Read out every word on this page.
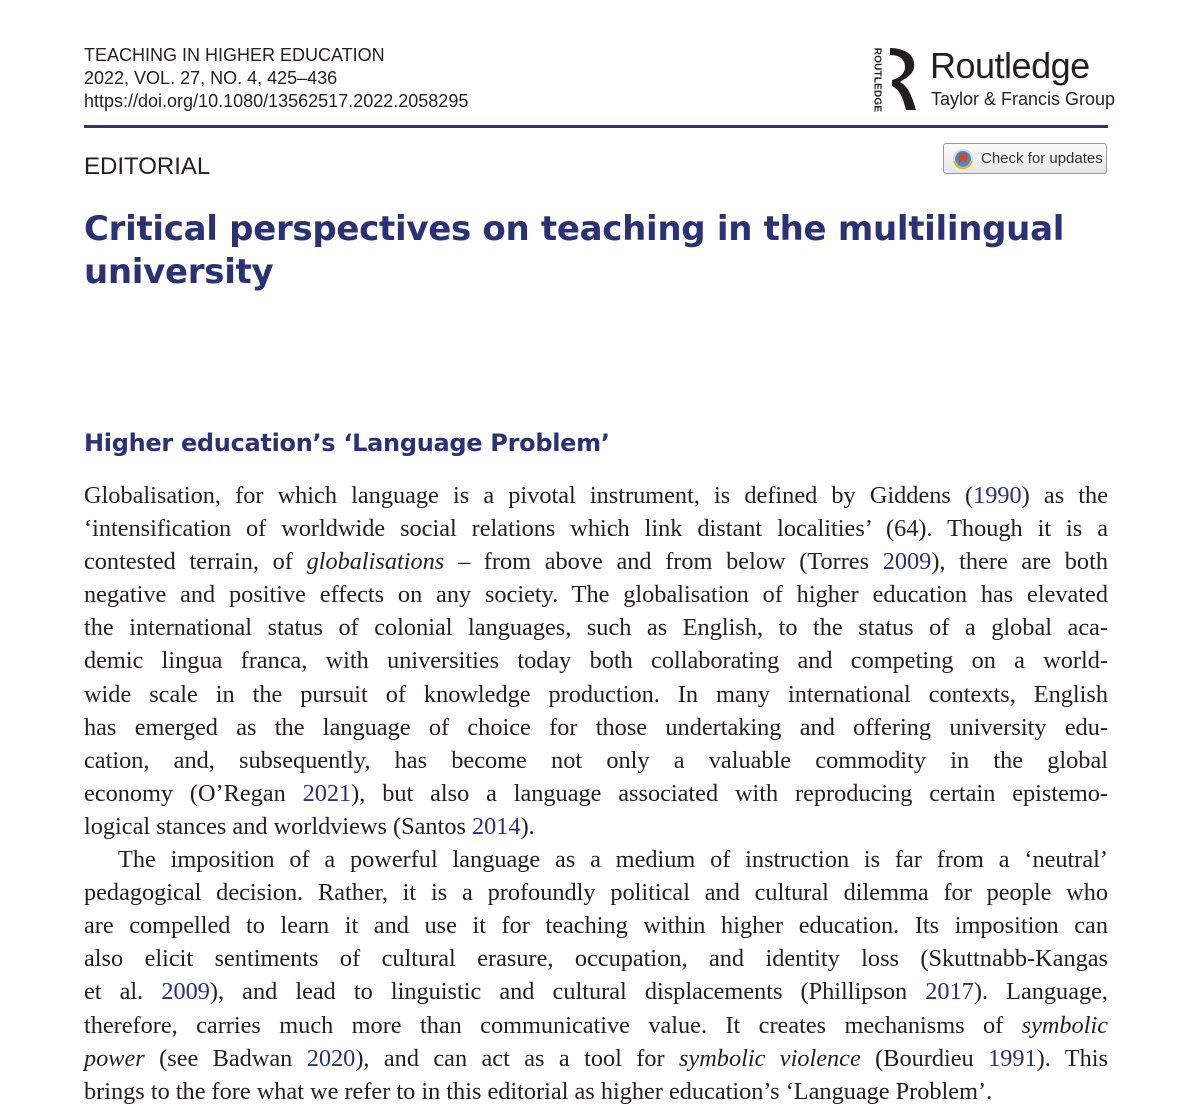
TEACHING IN HIGHER EDUCATION
2022, VOL. 27, NO. 4, 425–436
https://doi.org/10.1080/13562517.2022.2058295	ROUTLEDGE Routledge
Taylor & Francis Group
EDITORIAL	Check for updates
Critical perspectives on teaching in the multilingual university
Higher education’s ‘Language Problem’
Globalisation, for which language is a pivotal instrument, is defined by Giddens (1990) as the
‘intensification of worldwide social relations which link distant localities’ (64). Though it is a
contested terrain, of globalisations – from above and from below (Torres 2009), there are both
negative and positive effects on any society. The globalisation of higher education has elevated
the international status of colonial languages, such as English, to the status of a global aca-
demic lingua franca, with universities today both collaborating and competing on a world-
wide scale in the pursuit of knowledge production. In many international contexts, English
has emerged as the language of choice for those undertaking and offering university edu-
cation, and, subsequently, has become not only a valuable commodity in the global
economy (O’Regan 2021), but also a language associated with reproducing certain epistemo-
logical stances and worldviews (Santos 2014).
The imposition of a powerful language as a medium of instruction is far from a ‘neutral’
pedagogical decision. Rather, it is a profoundly political and cultural dilemma for people who
are compelled to learn it and use it for teaching within higher education. Its imposition can
also elicit sentiments of cultural erasure, occupation, and identity loss (Skuttnabb-Kangas
et al. 2009), and lead to linguistic and cultural displacements (Phillipson 2017). Language,
therefore, carries much more than communicative value. It creates mechanisms of symbolic
power (see Badwan 2020), and can act as a tool for symbolic violence (Bourdieu 1991). This
brings to the fore what we refer to in this editorial as higher education’s ‘Language Problem’.
